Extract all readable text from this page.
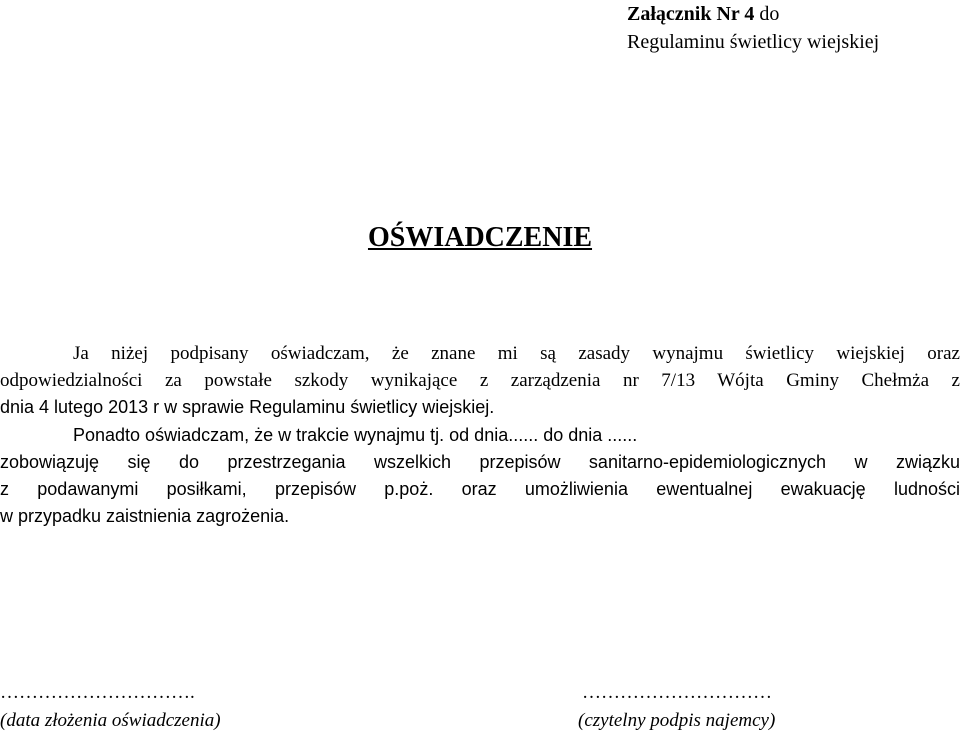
Załącznik Nr 4 do
Regulaminu świetlicy wiejskiej
OŚWIADCZENIE
Ja niżej podpisany oświadczam, że znane mi są zasady wynajmu świetlicy wiejskiej oraz
odpowiedzialności za powstałe szkody wynikające z zarządzenia nr 7/13 Wójta Gminy Chełmża z
dnia 4 lutego 2013 r w sprawie Regulaminu świetlicy wiejskiej.
Ponadto oświadczam, że w trakcie wynajmu tj. od dnia...... do dnia ......
zobowiązuję się do przestrzegania wszelkich przepisów sanitarno-epidemiologicznych w związku
z podawanymi posiłkami, przepisów p.poż. oraz umożliwienia ewentualnej ewakuację ludności
w przypadku zaistnienia zagrożenia.
………………………….
(data złożenia oświadczenia)
…………………………
(czytelny podpis najemcy)
